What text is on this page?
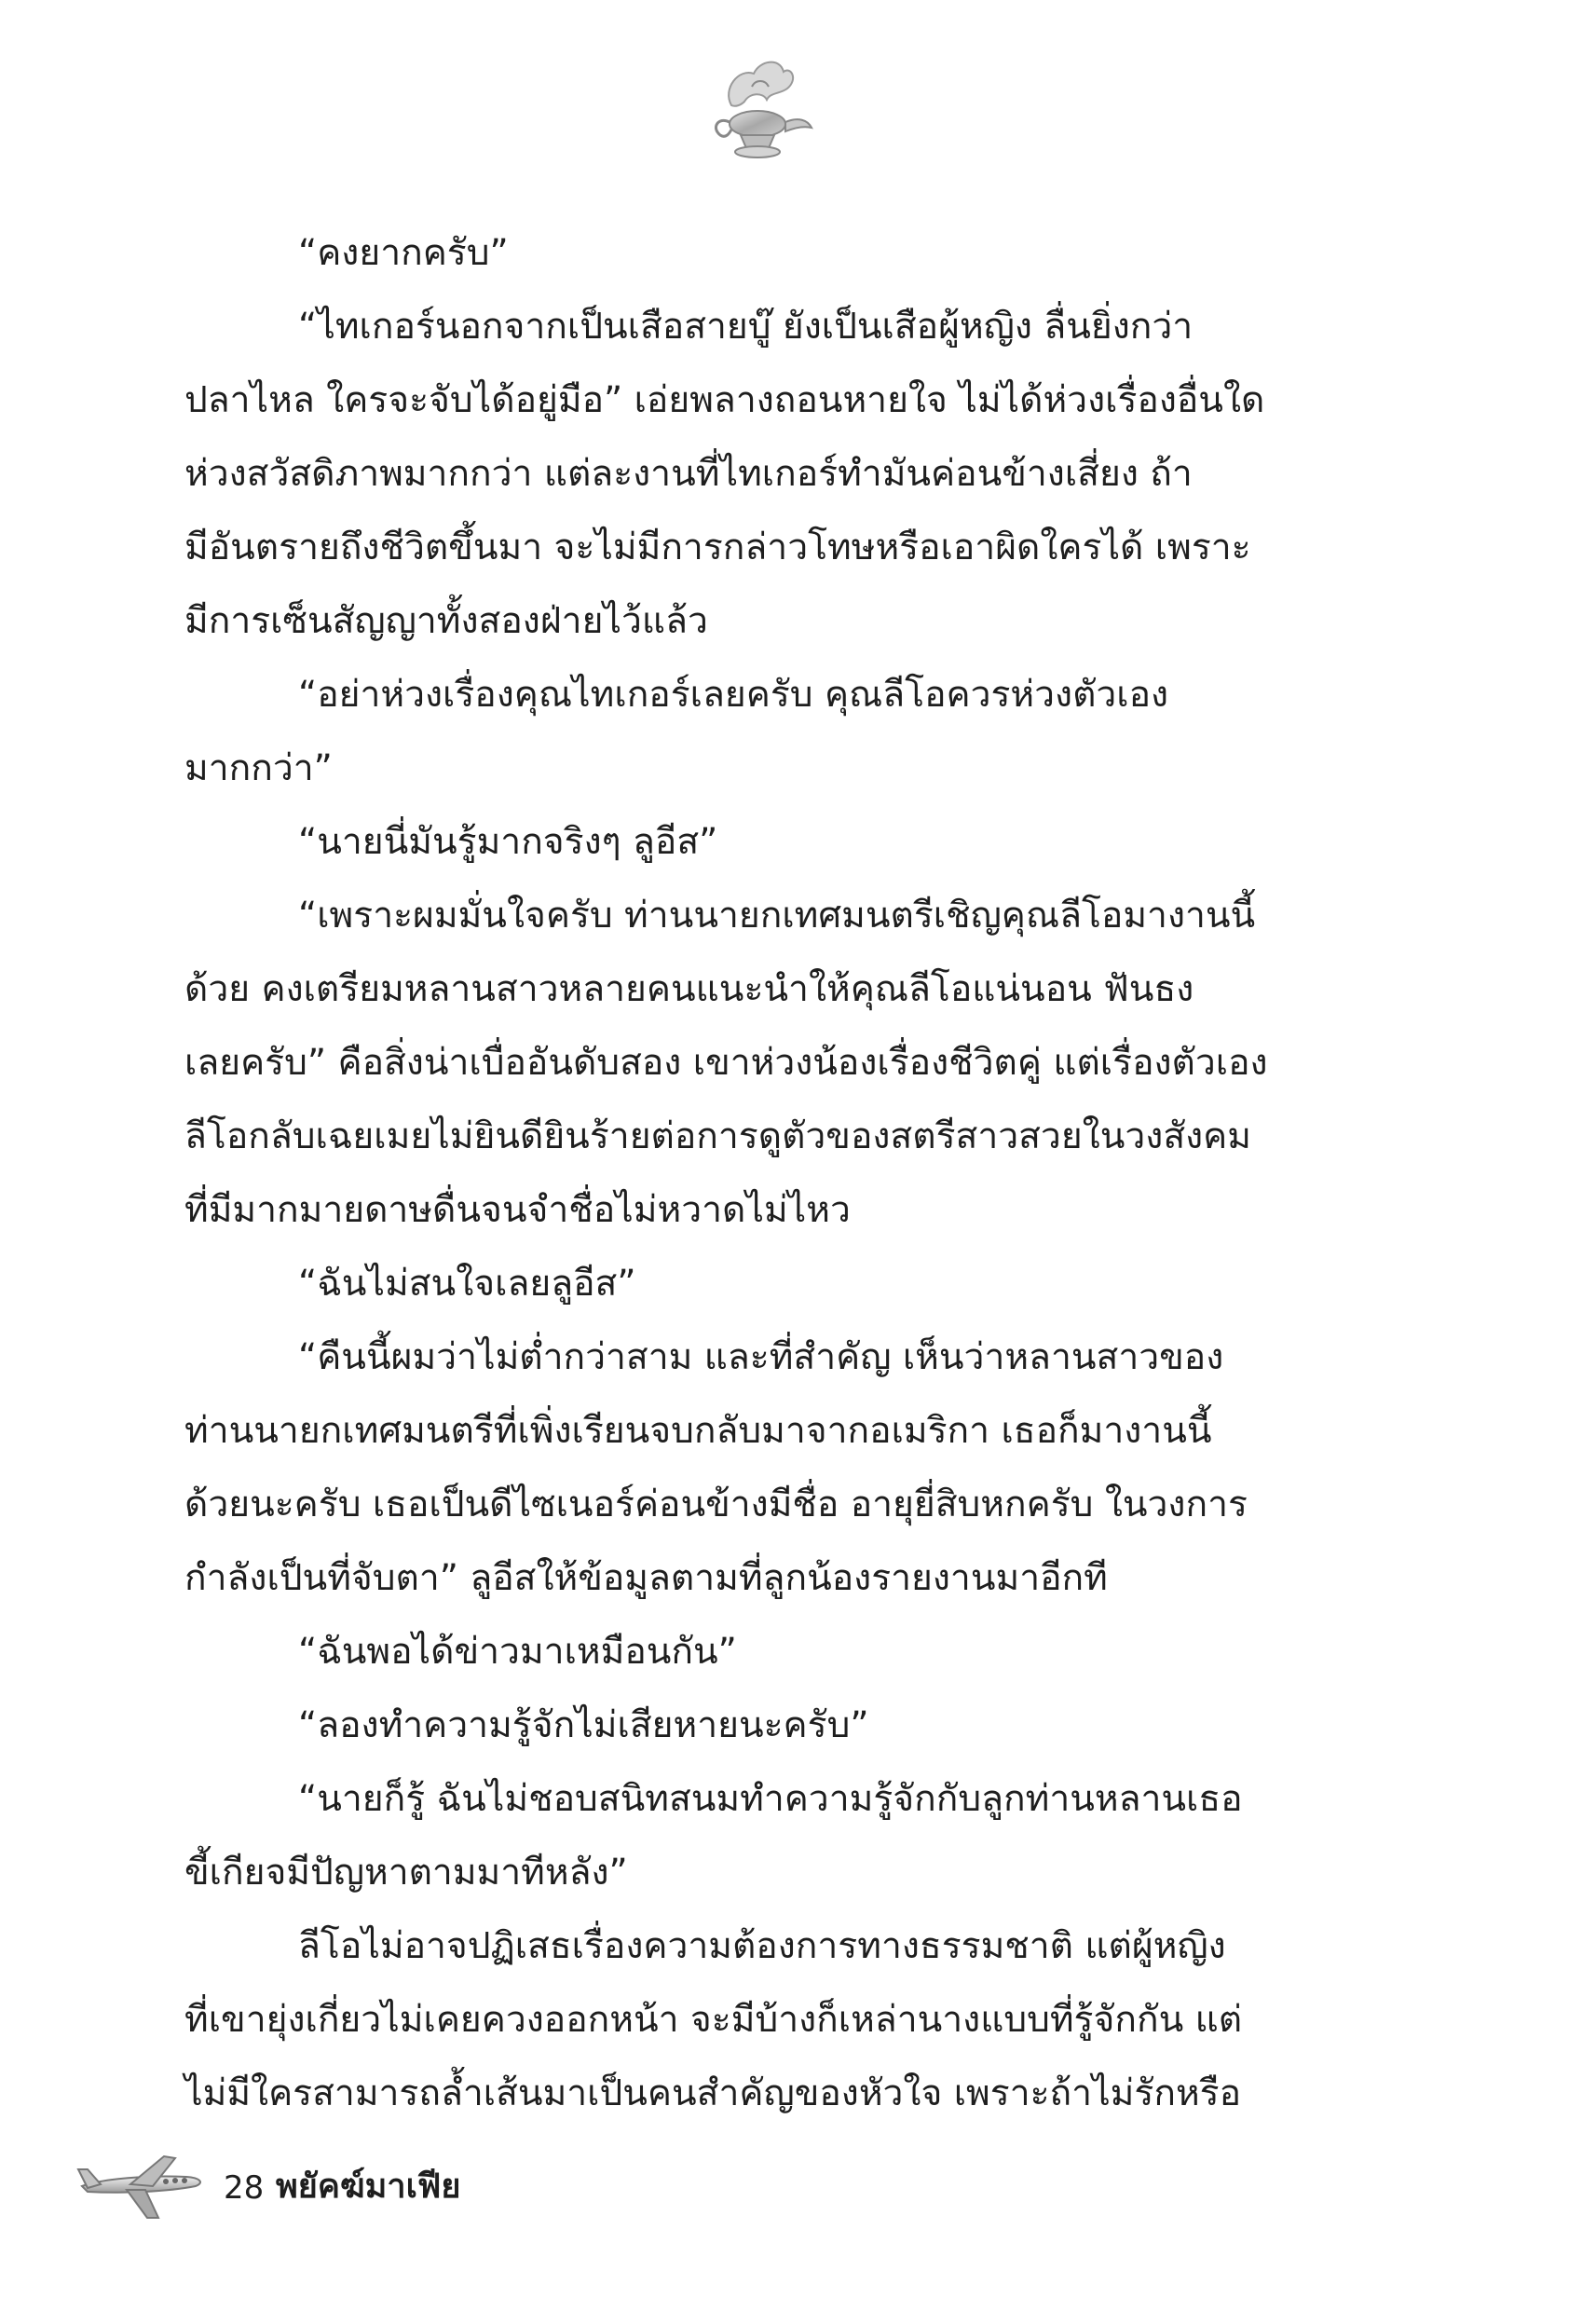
“คงยากครับ”
“ไทเกอร์นอกจากเป็นเสือสายบู๊ ยังเป็นเสือผู้หญิง ลื่นยิ่งกว่า
ปลาไหล ใครจะจับได้อยู่มือ” เอ่ยพลางถอนหายใจ ไม่ได้ห่วงเรื่องอื่นใด
ห่วงสวัสดิภาพมากกว่า แต่ละงานที่ไทเกอร์ทำมันค่อนข้างเสี่ยง ถ้า
มีอันตรายถึงชีวิตขึ้นมา จะไม่มีการกล่าวโทษหรือเอาผิดใครได้ เพราะ
มีการเซ็นสัญญาทั้งสองฝ่ายไว้แล้ว
“อย่าห่วงเรื่องคุณไทเกอร์เลยครับ คุณลีโอควรห่วงตัวเอง
มากกว่า”
“นายนี่มันรู้มากจริงๆ ลูอีส”
“เพราะผมมั่นใจครับ ท่านนายกเทศมนตรีเชิญคุณลีโอมางานนี้
ด้วย คงเตรียมหลานสาวหลายคนแนะนำให้คุณลีโอแน่นอน ฟันธง
เลยครับ” คือสิ่งน่าเบื่ออันดับสอง เขาห่วงน้องเรื่องชีวิตคู่ แต่เรื่องตัวเอง
ลีโอกลับเฉยเมยไม่ยินดียินร้ายต่อการดูตัวของสตรีสาวสวยในวงสังคม
ที่มีมากมายดาษดื่นจนจำชื่อไม่หวาดไม่ไหว
“ฉันไม่สนใจเลยลูอีส”
“คืนนี้ผมว่าไม่ต่ำกว่าสาม และที่สำคัญ เห็นว่าหลานสาวของ
ท่านนายกเทศมนตรีที่เพิ่งเรียนจบกลับมาจากอเมริกา เธอก็มางานนี้
ด้วยนะครับ เธอเป็นดีไซเนอร์ค่อนข้างมีชื่อ อายุยี่สิบหกครับ ในวงการ
กำลังเป็นที่จับตา” ลูอีสให้ข้อมูลตามที่ลูกน้องรายงานมาอีกที
“ฉันพอได้ข่าวมาเหมือนกัน”
“ลองทำความรู้จักไม่เสียหายนะครับ”
“นายก็รู้ ฉันไม่ชอบสนิทสนมทำความรู้จักกับลูกท่านหลานเธอ
ขี้เกียจมีปัญหาตามมาทีหลัง”
ลีโอไม่อาจปฏิเสธเรื่องความต้องการทางธรรมชาติ แต่ผู้หญิง
ที่เขายุ่งเกี่ยวไม่เคยควงออกหน้า จะมีบ้างก็เหล่านางแบบที่รู้จักกัน แต่
ไม่มีใครสามารถล้ำเส้นมาเป็นคนสำคัญของหัวใจ เพราะถ้าไม่รักหรือ
28 พยัคฆ์มาเฟีย
